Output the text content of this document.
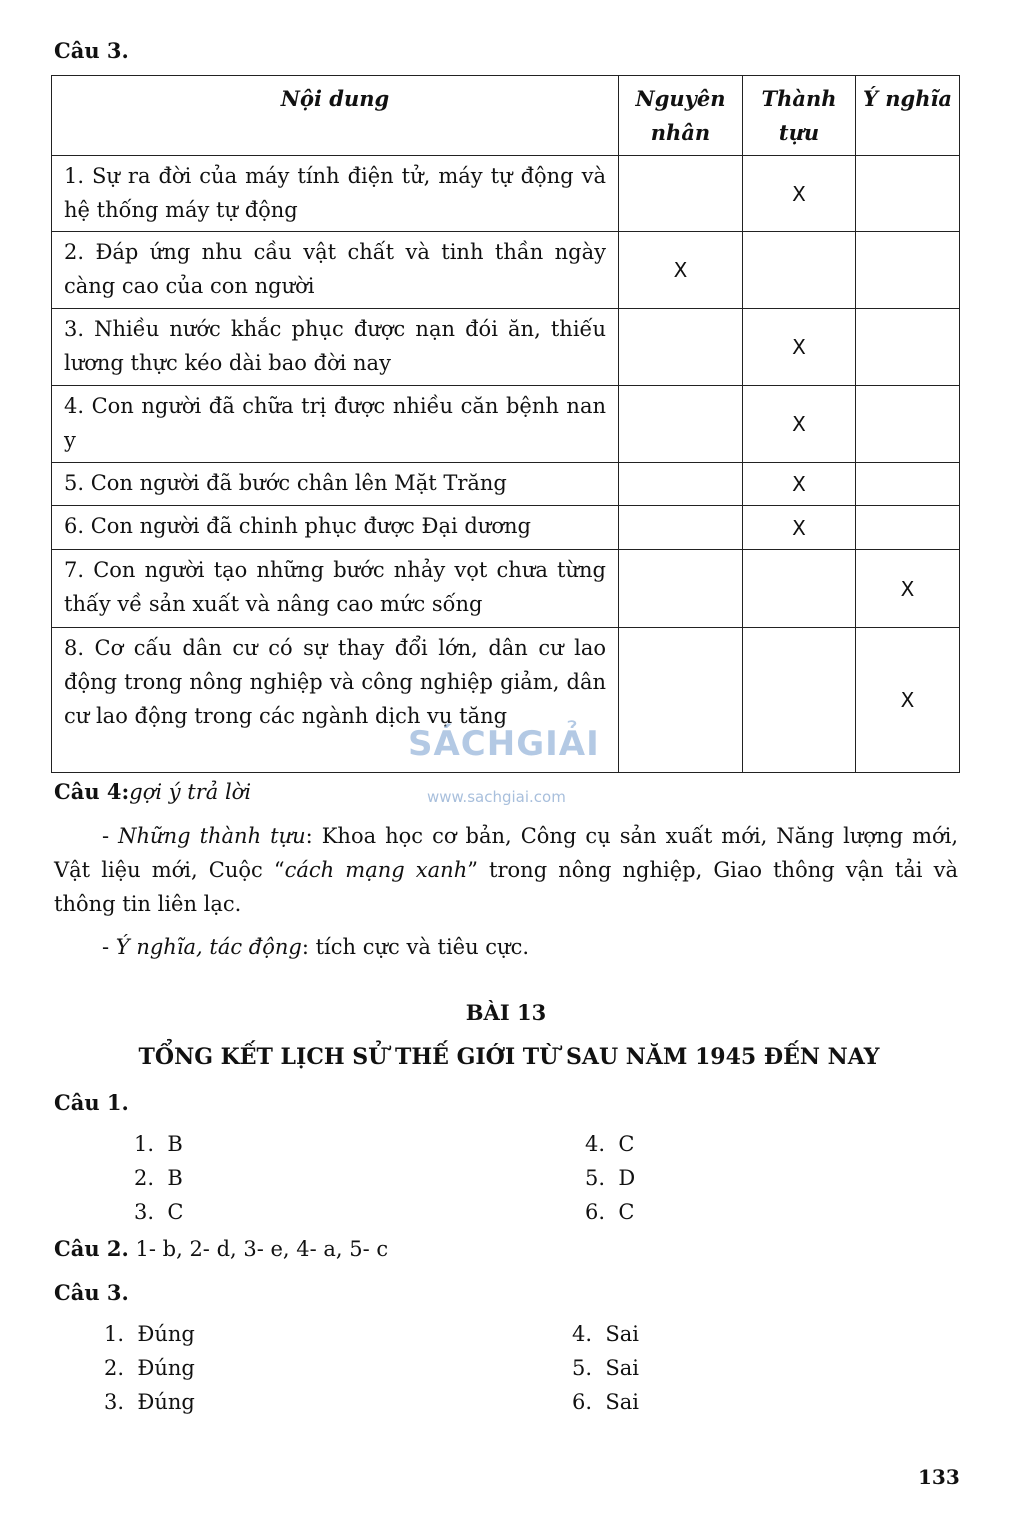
Câu 3.
Nội dung	Nguyên nhân	Thành tựu	Ý nghĩa
1. Sự ra đời của máy tính điện tử, máy tự động và hệ thống máy tự động		X	
2. Đáp ứng nhu cầu vật chất và tinh thần ngày càng cao của con người	X		
3. Nhiều nước khắc phục được nạn đói ăn, thiếu lương thực kéo dài bao đời nay		X	
4. Con người đã chữa trị được nhiều căn bệnh nan y		X	
5. Con người đã bước chân lên Mặt Trăng		X	
6. Con người đã chinh phục được Đại dương		X	
7. Con người tạo những bước nhảy vọt chưa từng thấy về sản xuất và nâng cao mức sống			X
8. Cơ cấu dân cư có sự thay đổi lớn, dân cư lao động trong nông nghiệp và công nghiệp giảm, dân cư lao động trong các ngành dịch vụ tăng			X
SÁCHGIẢI
www.sachgiai.com
Câu 4:gợi ý trả lời
- Những thành tựu: Khoa học cơ bản, Công cụ sản xuất mới, Năng lượng mới, Vật liệu mới, Cuộc “cách mạng xanh” trong nông nghiệp, Giao thông vận tải và thông tin liên lạc.
- Ý nghĩa, tác động: tích cực và tiêu cực.
BÀI 13
TỔNG KẾT LỊCH SỬ THẾ GIỚI TỪ SAU NĂM 1945 ĐẾN NAY
Câu 1.
1.  B
2.  B
3.  C
4.  C
5.  D
6.  C
Câu 2. 1- b, 2- d, 3- e, 4- a, 5- c
Câu 3.
1.  Đúng
2.  Đúng
3.  Đúng
4.  Sai
5.  Sai
6.  Sai
133
